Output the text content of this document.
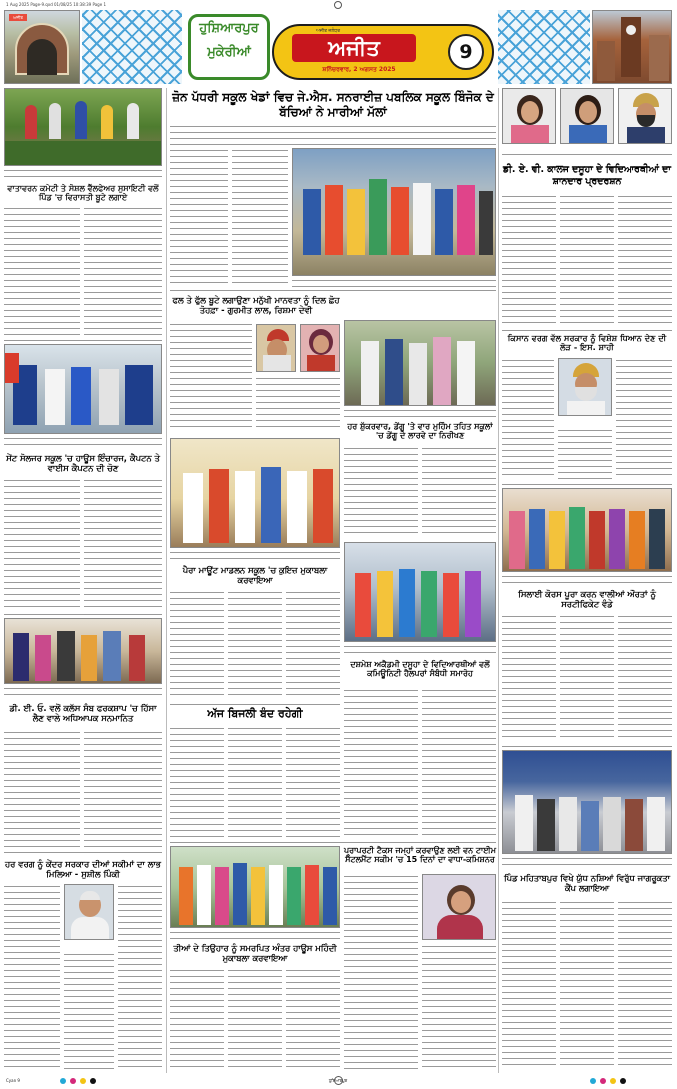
1 Aug 2025 Page-9.qxd 01/08/25 10:38:39 Page 1
ਅਜੀਤ
ਹੁਸ਼ਿਆਰਪੁਰ
ਮੁਕੇਰੀਆਂ
ਅਜੀਤ ਜਲੰਧਰ
ਅਜੀਤ
ਸ਼ਨਿੱਚਰਵਾਰ, 2 ਅਗਸਤ 2025
9
ਵਾਤਾਵਰਨ ਕਮੇਟੀ ਤੇ ਸੋਸ਼ਲ ਵੈੱਲਫੇਅਰ ਸੁਸਾਇਟੀ ਵਲੋਂ ਪਿੰਡ 'ਚ ਵਿਰਾਸਤੀ ਬੂਟੇ ਲਗਾਏ
ਸੇਂਟ ਸੋਲਜਰ ਸਕੂਲ 'ਚ ਹਾਊਸ ਇੰਚਾਰਜ, ਕੈਪਟਨ ਤੇ ਵਾਈਸ ਕੈਪਟਨ ਦੀ ਚੋਣ
ਡੀ. ਈ. ਓ. ਵਲੋਂ ਕਲੱਸ ਸੰਬ ਫਰਕਸ਼ਾਪ 'ਚ ਹਿੱਸਾ ਲੈਣ ਵਾਲੇ ਅਧਿਆਪਕ ਸਨਮਾਨਿਤ
ਹਰ ਵਰਗ ਨੂੰ ਕੇਂਦਰ ਸਰਕਾਰ ਦੀਆਂ ਸਕੀਮਾਂ ਦਾ ਲਾਭ ਮਿਲਿਆ - ਸੁਸ਼ੀਲ ਪਿੰਕੀ
ਜ਼ੋਨ ਪੱਧਰੀ ਸਕੂਲ ਖੇਡਾਂ ਵਿਚ ਜੇ.ਐਸ. ਸਨਰਾਈਜ਼ ਪਬਲਿਕ ਸਕੂਲ ਬਿੰਜੋਕ ਦੇ ਬੱਚਿਆਂ ਨੇ ਮਾਰੀਆਂ ਮੱਲਾਂ
ਫਲ ਤੇ ਫੁੱਲ ਬੂਟੇ ਲਗਾਉਣਾ ਮਨੁੱਖੀ ਮਾਨਵਤਾ ਨੂੰ ਦਿਲ ਛੋਹ ਤੋਹਫ਼ਾ - ਗੁਰਮੀਤ ਲਾਲ, ਰਿਸ਼ਮਾ ਦੇਵੀ
ਹਰ ਸ਼ੁੱਕਰਵਾਰ, ਡੇਂਗੂ 'ਤੇ ਵਾਰ ਮੁਹਿੰਮ ਤਹਿਤ ਸਕੂਲਾਂ 'ਚ ਡੇਂਗੂ ਦੇ ਲਾਰਵੇ ਦਾ ਨਿਰੀਖਣ
ਪੈਰਾ ਮਾਊਂਟ ਮਾਡਲਨ ਸਕੂਲ 'ਚ ਕੁਇਜ਼ ਮੁਕਾਬਲਾ ਕਰਵਾਇਆ
ਦਸ਼ਮੇਸ਼ ਅਕੈਡਮੀ ਦਸੂਹਾ ਦੇ ਵਿਦਿਆਰਥੀਆਂ ਵਲੋਂ ਕਮਿਊਨਿਟੀ ਹੈਲਪਰਾਂ ਸੰਬੰਧੀ ਸਮਾਰੋਹ
ਅੱਜ ਬਿਜਲੀ ਬੰਦ ਰਹੇਗੀ
ਤੀਆਂ ਦੇ ਤਿਉਹਾਰ ਨੂੰ ਸਮਰਪਿਤ ਅੰਤਰ ਹਾਊਸ ਮਹਿੰਦੀ ਮੁਕਾਬਲਾ ਕਰਵਾਇਆ
ਪ੍ਰਾਪਰਟੀ ਟੈਕਸ ਜਮ੍ਹਾਂ ਕਰਵਾਉਣ ਲਈ ਵਨ ਟਾਈਮ ਸੈਟਲਮੈਂਟ ਸਕੀਮ 'ਚ 15 ਦਿਨਾਂ ਦਾ ਵਾਧਾ-ਕਮਿਸ਼ਨਰ
ਡੀ. ਏ. ਵੀ. ਕਾਲਜ ਦਸੂਹਾ ਦੇ ਵਿਦਿਆਰਥੀਆਂ ਦਾ ਸ਼ਾਨਦਾਰ ਪ੍ਰਦਰਸ਼ਨ
ਕਿਸਾਨ ਵਰਗ ਵੱਲ ਸਰਕਾਰ ਨੂੰ ਵਿਸ਼ੇਸ਼ ਧਿਆਨ ਦੇਣ ਦੀ ਲੋੜ - ਇਸ. ਸ਼ਾਹੀ
ਸਿਲਾਈ ਕੋਰਸ ਪੂਰਾ ਕਰਨ ਵਾਲੀਆਂ ਔਰਤਾਂ ਨੂੰ ਸਰਟੀਫਿਕੇਟ ਵੰਡੇ
ਪਿੰਡ ਮਹਿਤਾਬਪੁਰ ਵਿਖੇ ਯੁੱਧ ਨਸ਼ਿਆਂ ਵਿਰੁੱਧ ਜਾਗਰੂਕਤਾ ਕੈਂਪ ਲਗਾਇਆ
Cyan 9	ਹੁਸ਼ਿਆਰਪੁਰ
